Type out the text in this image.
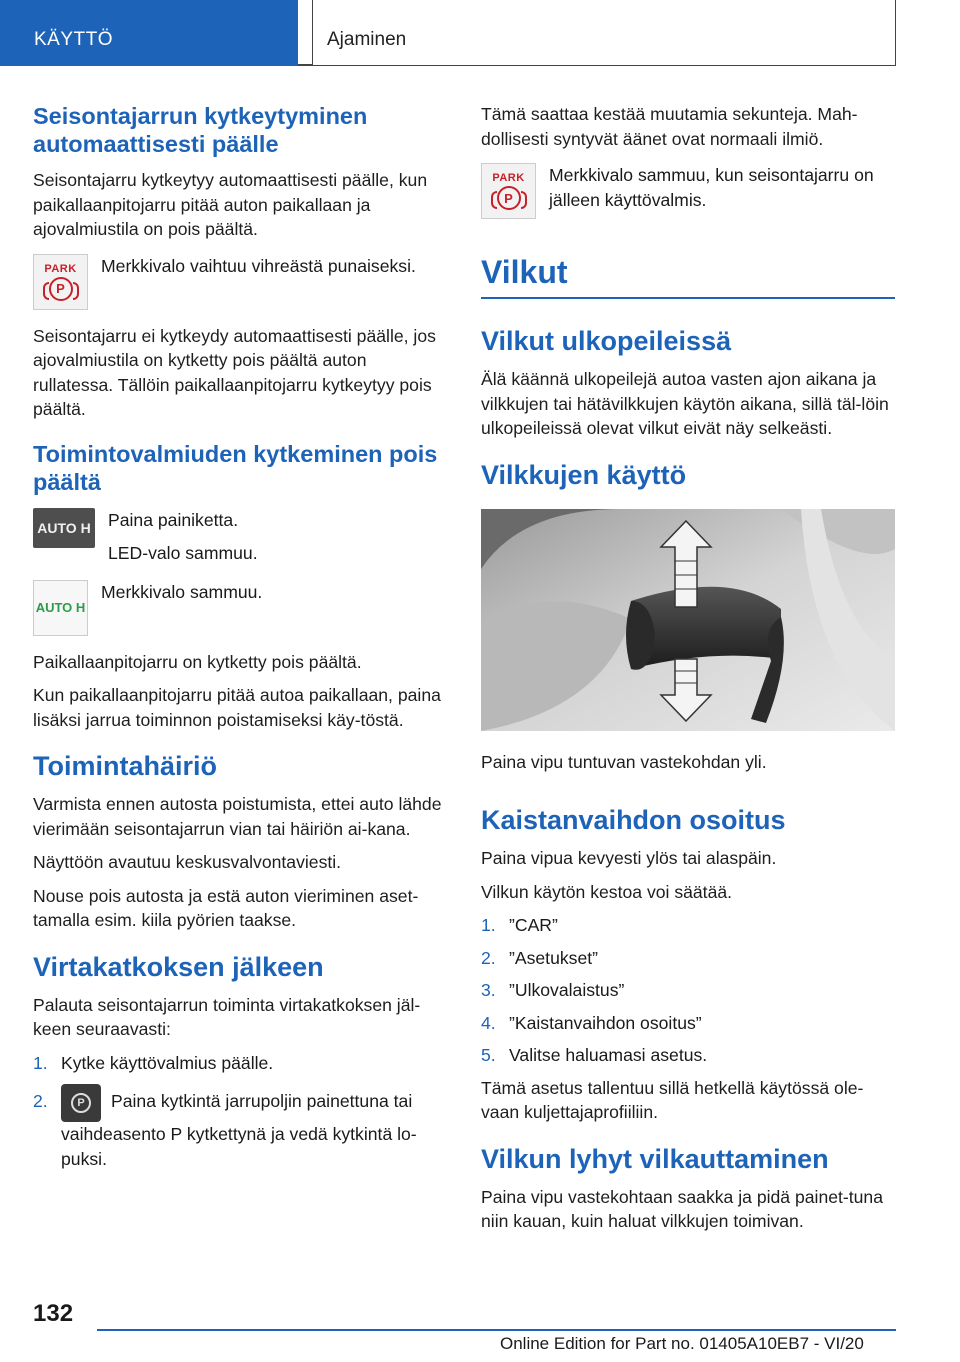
KÄYTTÖ	Ajaminen
Seisontajarrun kytkeytyminen automaattisesti päälle
Seisontajarru kytkeytyy automaattisesti päälle, kun paikallaanpitojarru pitää auton paikallaan ja ajovalmiustila on pois päältä.
PARK
P
Merkkivalo vaihtuu vihreästä punaiseksi.
Seisontajarru ei kytkeydy automaattisesti päälle, jos ajovalmiustila on kytketty pois päältä auton rullatessa. Tällöin paikallaanpitojarru kytkeytyy pois päältä.
Toimintovalmiuden kytkeminen pois päältä
AUTO H Paina painiketta.
LED-valo sammuu.
AUTO H
Merkkivalo sammuu.
Paikallaanpitojarru on kytketty pois päältä.
Kun paikallaanpitojarru pitää autoa paikallaan, paina lisäksi jarrua toiminnon poistamiseksi käy-töstä.
Toimintahäiriö
Varmista ennen autosta poistumista, ettei auto lähde vierimään seisontajarrun vian tai häiriön ai-kana.
Näyttöön avautuu keskusvalvontaviesti.
Nouse pois autosta ja estä auton vieriminen aset-tamalla esim. kiila pyörien taakse.
Virtakatkoksen jälkeen
Palauta seisontajarrun toiminta virtakatkoksen jäl-keen seuraavasti:
1. Kytke käyttövalmius päälle.
2.	P	Paina kytkintä jarrupoljin painettuna tai vaihdeasento P kytkettynä ja vedä kytkintä lo-puksi.
Tämä saattaa kestää muutamia sekunteja. Mah-dollisesti syntyvät äänet ovat normaali ilmiö.
PARK
P
Merkkivalo sammuu, kun seisontajarru on jälleen käyttövalmis.
Vilkut
Vilkut ulkopeileissä
Älä käännä ulkopeilejä autoa vasten ajon aikana ja vilkkujen tai hätävilkkujen käytön aikana, sillä täl-löin ulkopeileissä olevat vilkut eivät näy selkeästi.
Vilkkujen käyttö
Paina vipu tuntuvan vastekohdan yli.
Kaistanvaihdon osoitus
Paina vipua kevyesti ylös tai alaspäin.
Vilkun käytön kestoa voi säätää.
1. ”CAR”
2. ”Asetukset”
3. ”Ulkovalaistus”
4. ”Kaistanvaihdon osoitus”
5. Valitse haluamasi asetus.
Tämä asetus tallentuu sillä hetkellä käytössä ole-vaan kuljettajaprofiiliin.
Vilkun lyhyt vilkauttaminen
Paina vipu vastekohtaan saakka ja pidä painet-tuna niin kauan, kuin haluat vilkkujen toimivan.
132
Online Edition for Part no. 01405A10EB7 - VI/20
